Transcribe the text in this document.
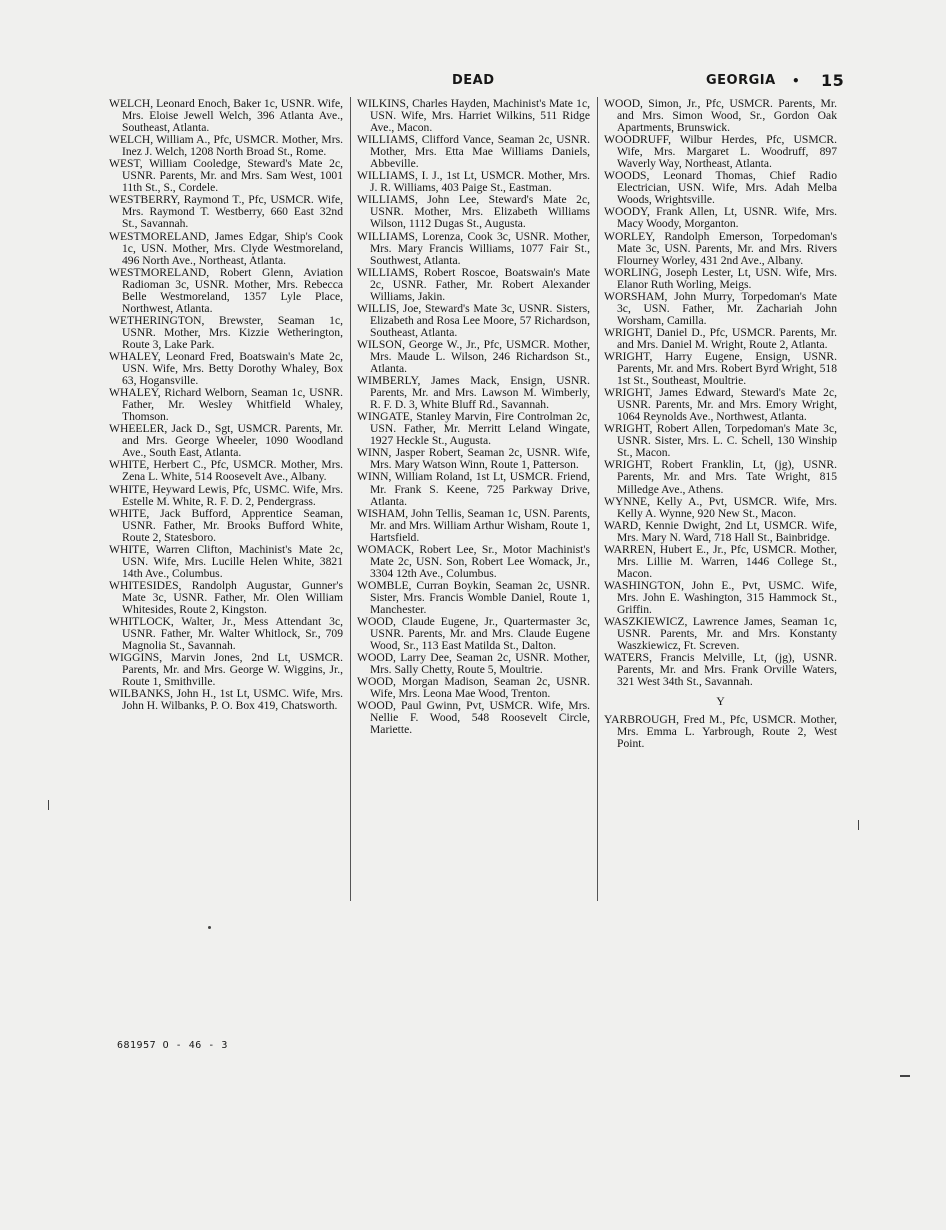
DEAD	GEORGIA • 15

WELCH, Leonard Enoch, Baker 1c, USNR. Wife, Mrs. Eloise Jewell Welch, 396 Atlanta Ave., Southeast, Atlanta.

WELCH, William A., Pfc, USMCR. Mother, Mrs. Inez J. Welch, 1208 North Broad St., Rome.

WEST, William Cooledge, Steward's Mate 2c, USNR. Parents, Mr. and Mrs. Sam West, 1001 11th St., S., Cordele.

WESTBERRY, Raymond T., Pfc, USMCR. Wife, Mrs. Raymond T. Westberry, 660 East 32nd St., Savannah.

WESTMORELAND, James Edgar, Ship's Cook 1c, USN. Mother, Mrs. Clyde Westmoreland, 496 North Ave., Northeast, Atlanta.

WESTMORELAND, Robert Glenn, Aviation Radioman 3c, USNR. Mother, Mrs. Rebecca Belle Westmoreland, 1357 Lyle Place, Northwest, Atlanta.

WETHERINGTON, Brewster, Seaman 1c, USNR. Mother, Mrs. Kizzie Wetherington, Route 3, Lake Park.

WHALEY, Leonard Fred, Boatswain's Mate 2c, USN. Wife, Mrs. Betty Dorothy Whaley, Box 63, Hogansville.

WHALEY, Richard Welborn, Seaman 1c, USNR. Father, Mr. Wesley Whitfield Whaley, Thomson.

WHEELER, Jack D., Sgt, USMCR. Parents, Mr. and Mrs. George Wheeler, 1090 Woodland Ave., South East, Atlanta.

WHITE, Herbert C., Pfc, USMCR. Mother, Mrs. Zena L. White, 514 Roosevelt Ave., Albany.

WHITE, Heyward Lewis, Pfc, USMC. Wife, Mrs. Estelle M. White, R. F. D. 2, Pendergrass.

WHITE, Jack Bufford, Apprentice Seaman, USNR. Father, Mr. Brooks Bufford White, Route 2, Statesboro.

WHITE, Warren Clifton, Machinist's Mate 2c, USN. Wife, Mrs. Lucille Helen White, 3821 14th Ave., Columbus.

WHITESIDES, Randolph Augustar, Gunner's Mate 3c, USNR. Father, Mr. Olen William Whitesides, Route 2, Kingston.

WHITLOCK, Walter, Jr., Mess Attendant 3c, USNR. Father, Mr. Walter Whitlock, Sr., 709 Magnolia St., Savannah.

WIGGINS, Marvin Jones, 2nd Lt, USMCR. Parents, Mr. and Mrs. George W. Wiggins, Jr., Route 1, Smithville.

WILBANKS, John H., 1st Lt, USMC. Wife, Mrs. John H. Wilbanks, P. O. Box 419, Chatsworth.

WILKINS, Charles Hayden, Machinist's Mate 1c, USN. Wife, Mrs. Harriet Wilkins, 511 Ridge Ave., Macon.

WILLIAMS, Clifford Vance, Seaman 2c, USNR. Mother, Mrs. Etta Mae Williams Daniels, Abbeville.

WILLIAMS, I. J., 1st Lt, USMCR. Mother, Mrs. J. R. Williams, 403 Paige St., Eastman.

WILLIAMS, John Lee, Steward's Mate 2c, USNR. Mother, Mrs. Elizabeth Williams Wilson, 1112 Dugas St., Augusta.

WILLIAMS, Lorenza, Cook 3c, USNR. Mother, Mrs. Mary Francis Williams, 1077 Fair St., Southwest, Atlanta.

WILLIAMS, Robert Roscoe, Boatswain's Mate 2c, USNR. Father, Mr. Robert Alexander Williams, Jakin.

WILLIS, Joe, Steward's Mate 3c, USNR. Sisters, Elizabeth and Rosa Lee Moore, 57 Richardson, Southeast, Atlanta.

WILSON, George W., Jr., Pfc, USMCR. Mother, Mrs. Maude L. Wilson, 246 Richardson St., Atlanta.

WIMBERLY, James Mack, Ensign, USNR. Parents, Mr. and Mrs. Lawson M. Wimberly, R. F. D. 3, White Bluff Rd., Savannah.

WINGATE, Stanley Marvin, Fire Controlman 2c, USN. Father, Mr. Merritt Leland Wingate, 1927 Heckle St., Augusta.

WINN, Jasper Robert, Seaman 2c, USNR. Wife, Mrs. Mary Watson Winn, Route 1, Patterson.

WINN, William Roland, 1st Lt, USMCR. Friend, Mr. Frank S. Keene, 725 Parkway Drive, Atlanta.

WISHAM, John Tellis, Seaman 1c, USN. Parents, Mr. and Mrs. William Arthur Wisham, Route 1, Hartsfield.

WOMACK, Robert Lee, Sr., Motor Machinist's Mate 2c, USN. Son, Robert Lee Womack, Jr., 3304 12th Ave., Columbus.

WOMBLE, Curran Boykin, Seaman 2c, USNR. Sister, Mrs. Francis Womble Daniel, Route 1, Manchester.

WOOD, Claude Eugene, Jr., Quartermaster 3c, USNR. Parents, Mr. and Mrs. Claude Eugene Wood, Sr., 113 East Matilda St., Dalton.

WOOD, Larry Dee, Seaman 2c, USNR. Mother, Mrs. Sally Chetty, Route 5, Moultrie.

WOOD, Morgan Madison, Seaman 2c, USNR. Wife, Mrs. Leona Mae Wood, Trenton.

WOOD, Paul Gwinn, Pvt, USMCR. Wife, Mrs. Nellie F. Wood, 548 Roosevelt Circle, Mariette.

WOOD, Simon, Jr., Pfc, USMCR. Parents, Mr. and Mrs. Simon Wood, Sr., Gordon Oak Apartments, Brunswick.

WOODRUFF, Wilbur Herdes, Pfc, USMCR. Wife, Mrs. Margaret L. Woodruff, 897 Waverly Way, Northeast, Atlanta.

WOODS, Leonard Thomas, Chief Radio Electrician, USN. Wife, Mrs. Adah Melba Woods, Wrightsville.

WOODY, Frank Allen, Lt, USNR. Wife, Mrs. Macy Woody, Morganton.

WORLEY, Randolph Emerson, Torpedoman's Mate 3c, USN. Parents, Mr. and Mrs. Rivers Flourney Worley, 431 2nd Ave., Albany.

WORLING, Joseph Lester, Lt, USN. Wife, Mrs. Elanor Ruth Worling, Meigs.

WORSHAM, John Murry, Torpedoman's Mate 3c, USN. Father, Mr. Zachariah John Worsham, Camilla.

WRIGHT, Daniel D., Pfc, USMCR. Parents, Mr. and Mrs. Daniel M. Wright, Route 2, Atlanta.

WRIGHT, Harry Eugene, Ensign, USNR. Parents, Mr. and Mrs. Robert Byrd Wright, 518 1st St., Southeast, Moultrie.

WRIGHT, James Edward, Steward's Mate 2c, USNR. Parents, Mr. and Mrs. Emory Wright, 1064 Reynolds Ave., Northwest, Atlanta.

WRIGHT, Robert Allen, Torpedoman's Mate 3c, USNR. Sister, Mrs. L. C. Schell, 130 Winship St., Macon.

WRIGHT, Robert Franklin, Lt, (jg), USNR. Parents, Mr. and Mrs. Tate Wright, 815 Milledge Ave., Athens.

WYNNE, Kelly A., Pvt, USMCR. Wife, Mrs. Kelly A. Wynne, 920 New St., Macon.

WARD, Kennie Dwight, 2nd Lt, USMCR. Wife, Mrs. Mary N. Ward, 718 Hall St., Bainbridge.

WARREN, Hubert E., Jr., Pfc, USMCR. Mother, Mrs. Lillie M. Warren, 1446 College St., Macon.

WASHINGTON, John E., Pvt, USMC. Wife, Mrs. John E. Washington, 315 Hammock St., Griffin.

WASZKIEWICZ, Lawrence James, Seaman 1c, USNR. Parents, Mr. and Mrs. Konstanty Waszkiewicz, Ft. Screven.

WATERS, Francis Melville, Lt, (jg), USNR. Parents, Mr. and Mrs. Frank Orville Waters, 321 West 34th St., Savannah.

Y

YARBROUGH, Fred M., Pfc, USMCR. Mother, Mrs. Emma L. Yarbrough, Route 2, West Point.

681957 O - 46 - 3
